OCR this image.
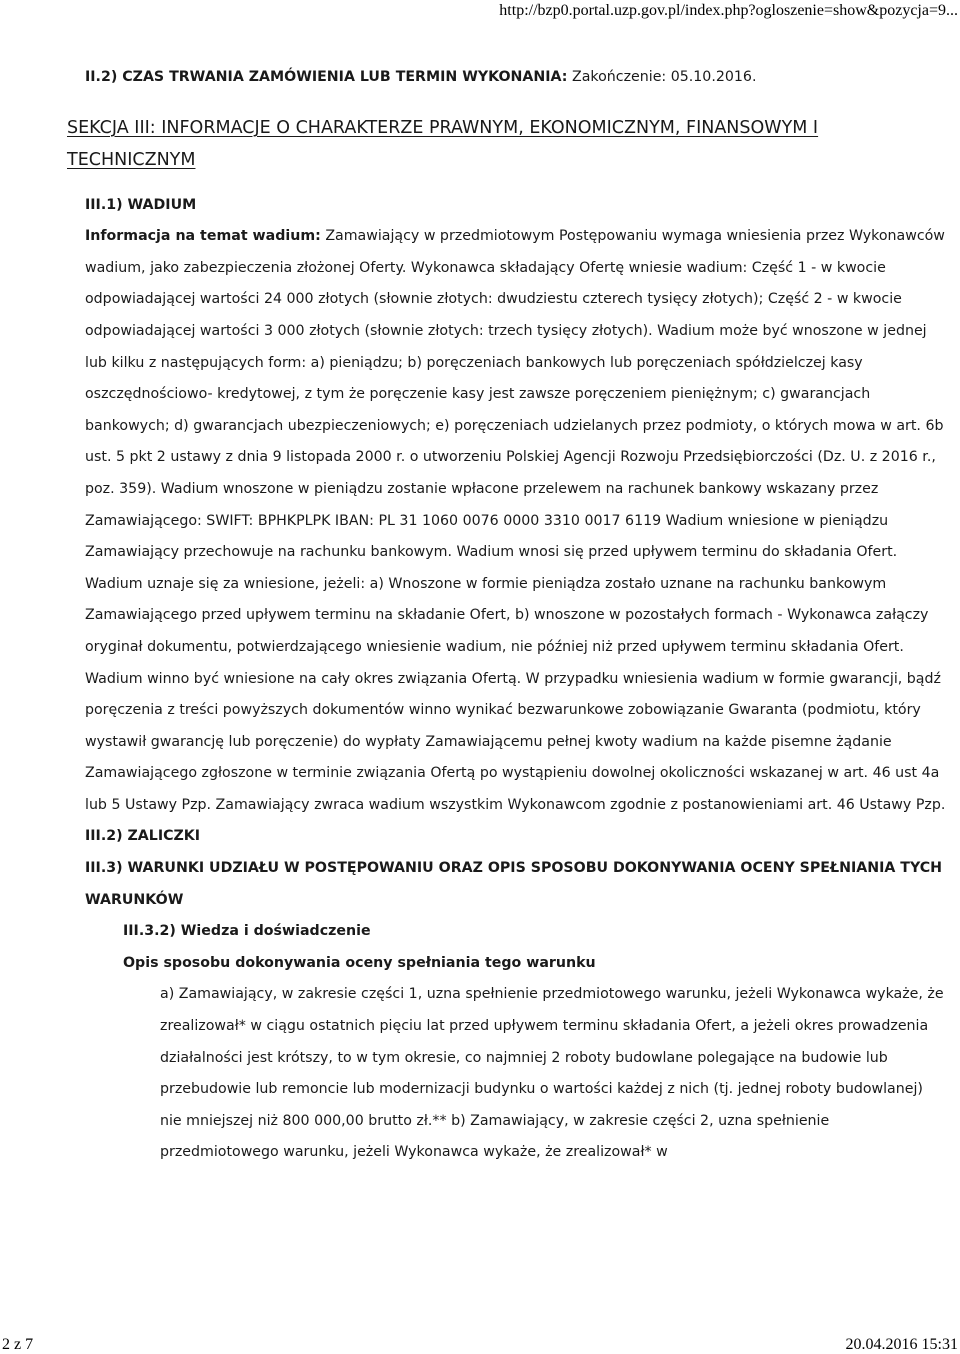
http://bzp0.portal.uzp.gov.pl/index.php?ogloszenie=show&pozycja=9...

II.2) CZAS TRWANIA ZAMÓWIENIA LUB TERMIN WYKONANIA: Zakończenie: 05.10.2016.

SEKCJA III: INFORMACJE O CHARAKTERZE PRAWNYM, EKONOMICZNYM, FINANSOWYM I TECHNICZNYM

III.1) WADIUM

Informacja na temat wadium: Zamawiający w przedmiotowym Postępowaniu wymaga wniesienia przez Wykonawców wadium, jako zabezpieczenia złożonej Oferty. Wykonawca składający Ofertę wniesie wadium: Część 1 - w kwocie odpowiadającej wartości 24 000 złotych (słownie złotych: dwudziestu czterech tysięcy złotych); Część 2 - w kwocie odpowiadającej wartości 3 000 złotych (słownie złotych: trzech tysięcy złotych). Wadium może być wnoszone w jednej lub kilku z następujących form: a) pieniądzu; b) poręczeniach bankowych lub poręczeniach spółdzielczej kasy oszczędnościowo- kredytowej, z tym że poręczenie kasy jest zawsze poręczeniem pieniężnym; c) gwarancjach bankowych; d) gwarancjach ubezpieczeniowych; e) poręczeniach udzielanych przez podmioty, o których mowa w art. 6b ust. 5 pkt 2 ustawy z dnia 9 listopada 2000 r. o utworzeniu Polskiej Agencji Rozwoju Przedsiębiorczości (Dz. U. z 2016 r., poz. 359). Wadium wnoszone w pieniądzu zostanie wpłacone przelewem na rachunek bankowy wskazany przez Zamawiającego: SWIFT: BPHKPLPK IBAN: PL 31 1060 0076 0000 3310 0017 6119 Wadium wniesione w pieniądzu Zamawiający przechowuje na rachunku bankowym. Wadium wnosi się przed upływem terminu do składania Ofert. Wadium uznaje się za wniesione, jeżeli: a) Wnoszone w formie pieniądza zostało uznane na rachunku bankowym Zamawiającego przed upływem terminu na składanie Ofert, b) wnoszone w pozostałych formach - Wykonawca załączy oryginał dokumentu, potwierdzającego wniesienie wadium, nie później niż przed upływem terminu składania Ofert. Wadium winno być wniesione na cały okres związania Ofertą. W przypadku wniesienia wadium w formie gwarancji, bądź poręczenia z treści powyższych dokumentów winno wynikać bezwarunkowe zobowiązanie Gwaranta (podmiotu, który wystawił gwarancję lub poręczenie) do wypłaty Zamawiającemu pełnej kwoty wadium na każde pisemne żądanie Zamawiającego zgłoszone w terminie związania Ofertą po wystąpieniu dowolnej okoliczności wskazanej w art. 46 ust 4a lub 5 Ustawy Pzp. Zamawiający zwraca wadium wszystkim Wykonawcom zgodnie z postanowieniami art. 46 Ustawy Pzp.

III.2) ZALICZKI

III.3) WARUNKI UDZIAŁU W POSTĘPOWANIU ORAZ OPIS SPOSOBU DOKONYWANIA OCENY SPEŁNIANIA TYCH WARUNKÓW

III.3.2) Wiedza i doświadczenie

Opis sposobu dokonywania oceny spełniania tego warunku

a) Zamawiający, w zakresie części 1, uzna spełnienie przedmiotowego warunku, jeżeli Wykonawca wykaże, że zrealizował* w ciągu ostatnich pięciu lat przed upływem terminu składania Ofert, a jeżeli okres prowadzenia działalności jest krótszy, to w tym okresie, co najmniej 2 roboty budowlane polegające na budowie lub przebudowie lub remoncie lub modernizacji budynku o wartości każdej z nich (tj. jednej roboty budowlanej) nie mniejszej niż 800 000,00 brutto zł.** b) Zamawiający, w zakresie części 2, uzna spełnienie przedmiotowego warunku, jeżeli Wykonawca wykaże, że zrealizował* w

2 z 7	20.04.2016 15:31
